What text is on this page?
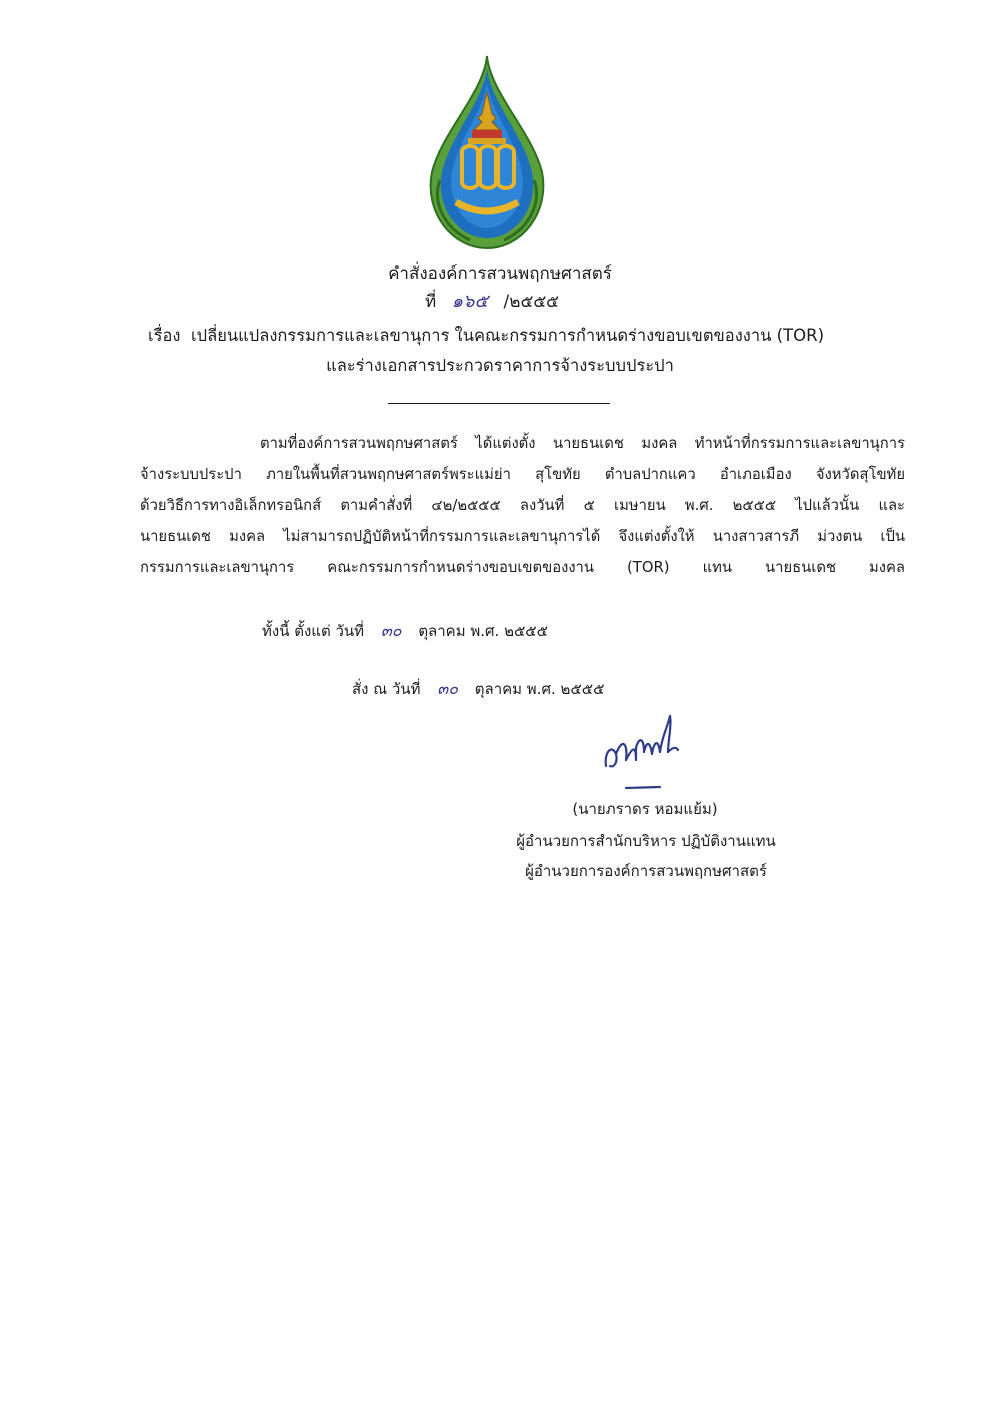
คำสั่งองค์การสวนพฤกษศาสตร์
ที่ ๑๖๕ /๒๕๕๕
เรื่อง เปลี่ยนแปลงกรรมการและเลขานุการ ในคณะกรรมการกำหนดร่างขอบเขตของงาน (TOR)
และร่างเอกสารประกวดราคาการจ้างระบบประปา
ตามที่องค์การสวนพฤกษศาสตร์ ได้แต่งตั้ง นายธนเดช มงคล ทำหน้าที่กรรมการและเลขานุการ
จ้างระบบประปา ภายในพื้นที่สวนพฤกษศาสตร์พระแม่ย่า สุโขทัย ตำบลปากแคว อำเภอเมือง จังหวัดสุโขทัย
ด้วยวิธีการทางอิเล็กทรอนิกส์ ตามคำสั่งที่ ๔๒/๒๕๕๕ ลงวันที่ ๕ เมษายน พ.ศ. ๒๕๕๕ ไปแล้วนั้น และ
นายธนเดช มงคล ไม่สามารถปฏิบัติหน้าที่กรรมการและเลขานุการได้ จึงแต่งตั้งให้ นางสาวสารภี ม่วงตน เป็น
กรรมการและเลขานุการ คณะกรรมการกำหนดร่างขอบเขตของงาน (TOR) แทน นายธนเดช มงคล
ทั้งนี้ ตั้งแต่ วันที่ ๓๐ ตุลาคม พ.ศ. ๒๕๕๕
สั่ง ณ วันที่ ๓๐ ตุลาคม พ.ศ. ๒๕๕๕
(นายภราดร หอมแย้ม)
ผู้อำนวยการสำนักบริหาร ปฏิบัติงานแทน
ผู้อำนวยการองค์การสวนพฤกษศาสตร์
